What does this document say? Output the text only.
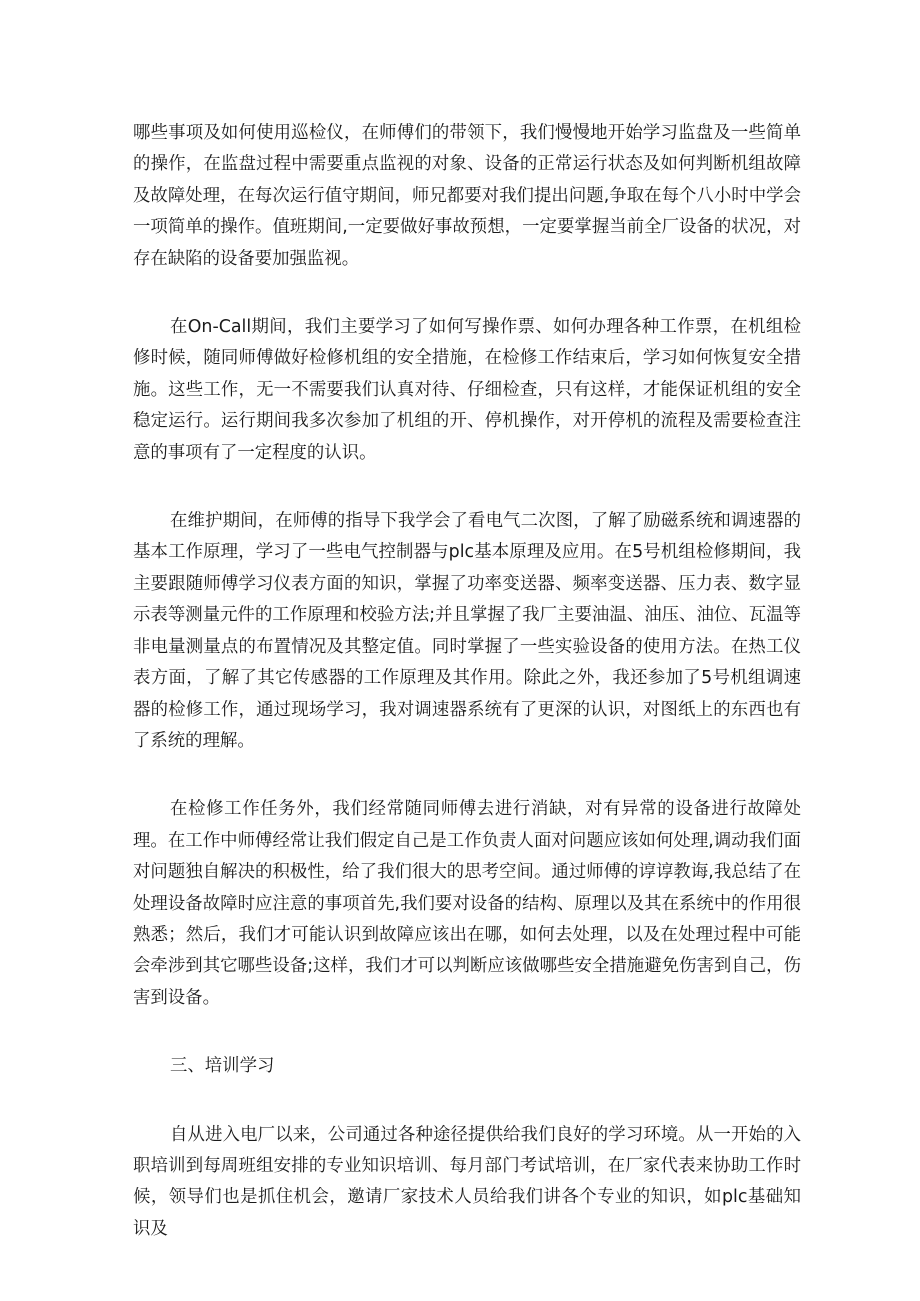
哪些事项及如何使用巡检仪，在师傅们的带领下，我们慢慢地开始学习监盘及一些简单的操作，在监盘过程中需要重点监视的对象、设备的正常运行状态及如何判断机组故障及故障处理，在每次运行值守期间，师兄都要对我们提出问题,争取在每个八小时中学会一项简单的操作。值班期间,一定要做好事故预想，一定要掌握当前全厂设备的状况，对存在缺陷的设备要加强监视。

在On-Call期间，我们主要学习了如何写操作票、如何办理各种工作票，在机组检修时候，随同师傅做好检修机组的安全措施，在检修工作结束后，学习如何恢复安全措施。这些工作，无一不需要我们认真对待、仔细检查，只有这样，才能保证机组的安全稳定运行。运行期间我多次参加了机组的开、停机操作，对开停机的流程及需要检查注意的事项有了一定程度的认识。

在维护期间，在师傅的指导下我学会了看电气二次图，了解了励磁系统和调速器的基本工作原理，学习了一些电气控制器与plc基本原理及应用。在5号机组检修期间，我主要跟随师傅学习仪表方面的知识，掌握了功率变送器、频率变送器、压力表、数字显示表等测量元件的工作原理和校验方法;并且掌握了我厂主要油温、油压、油位、瓦温等非电量测量点的布置情况及其整定值。同时掌握了一些实验设备的使用方法。在热工仪表方面，了解了其它传感器的工作原理及其作用。除此之外，我还参加了5号机组调速器的检修工作，通过现场学习，我对调速器系统有了更深的认识，对图纸上的东西也有了系统的理解。

在检修工作任务外，我们经常随同师傅去进行消缺，对有异常的设备进行故障处理。在工作中师傅经常让我们假定自己是工作负责人面对问题应该如何处理,调动我们面对问题独自解决的积极性，给了我们很大的思考空间。通过师傅的谆谆教诲,我总结了在处理设备故障时应注意的事项首先,我们要对设备的结构、原理以及其在系统中的作用很熟悉；然后，我们才可能认识到故障应该出在哪，如何去处理，以及在处理过程中可能会牵涉到其它哪些设备;这样，我们才可以判断应该做哪些安全措施避免伤害到自己，伤害到设备。

三、培训学习

自从进入电厂以来，公司通过各种途径提供给我们良好的学习环境。从一开始的入职培训到每周班组安排的专业知识培训、每月部门考试培训，在厂家代表来协助工作时候，领导们也是抓住机会，邀请厂家技术人员给我们讲各个专业的知识，如plc基础知识及
